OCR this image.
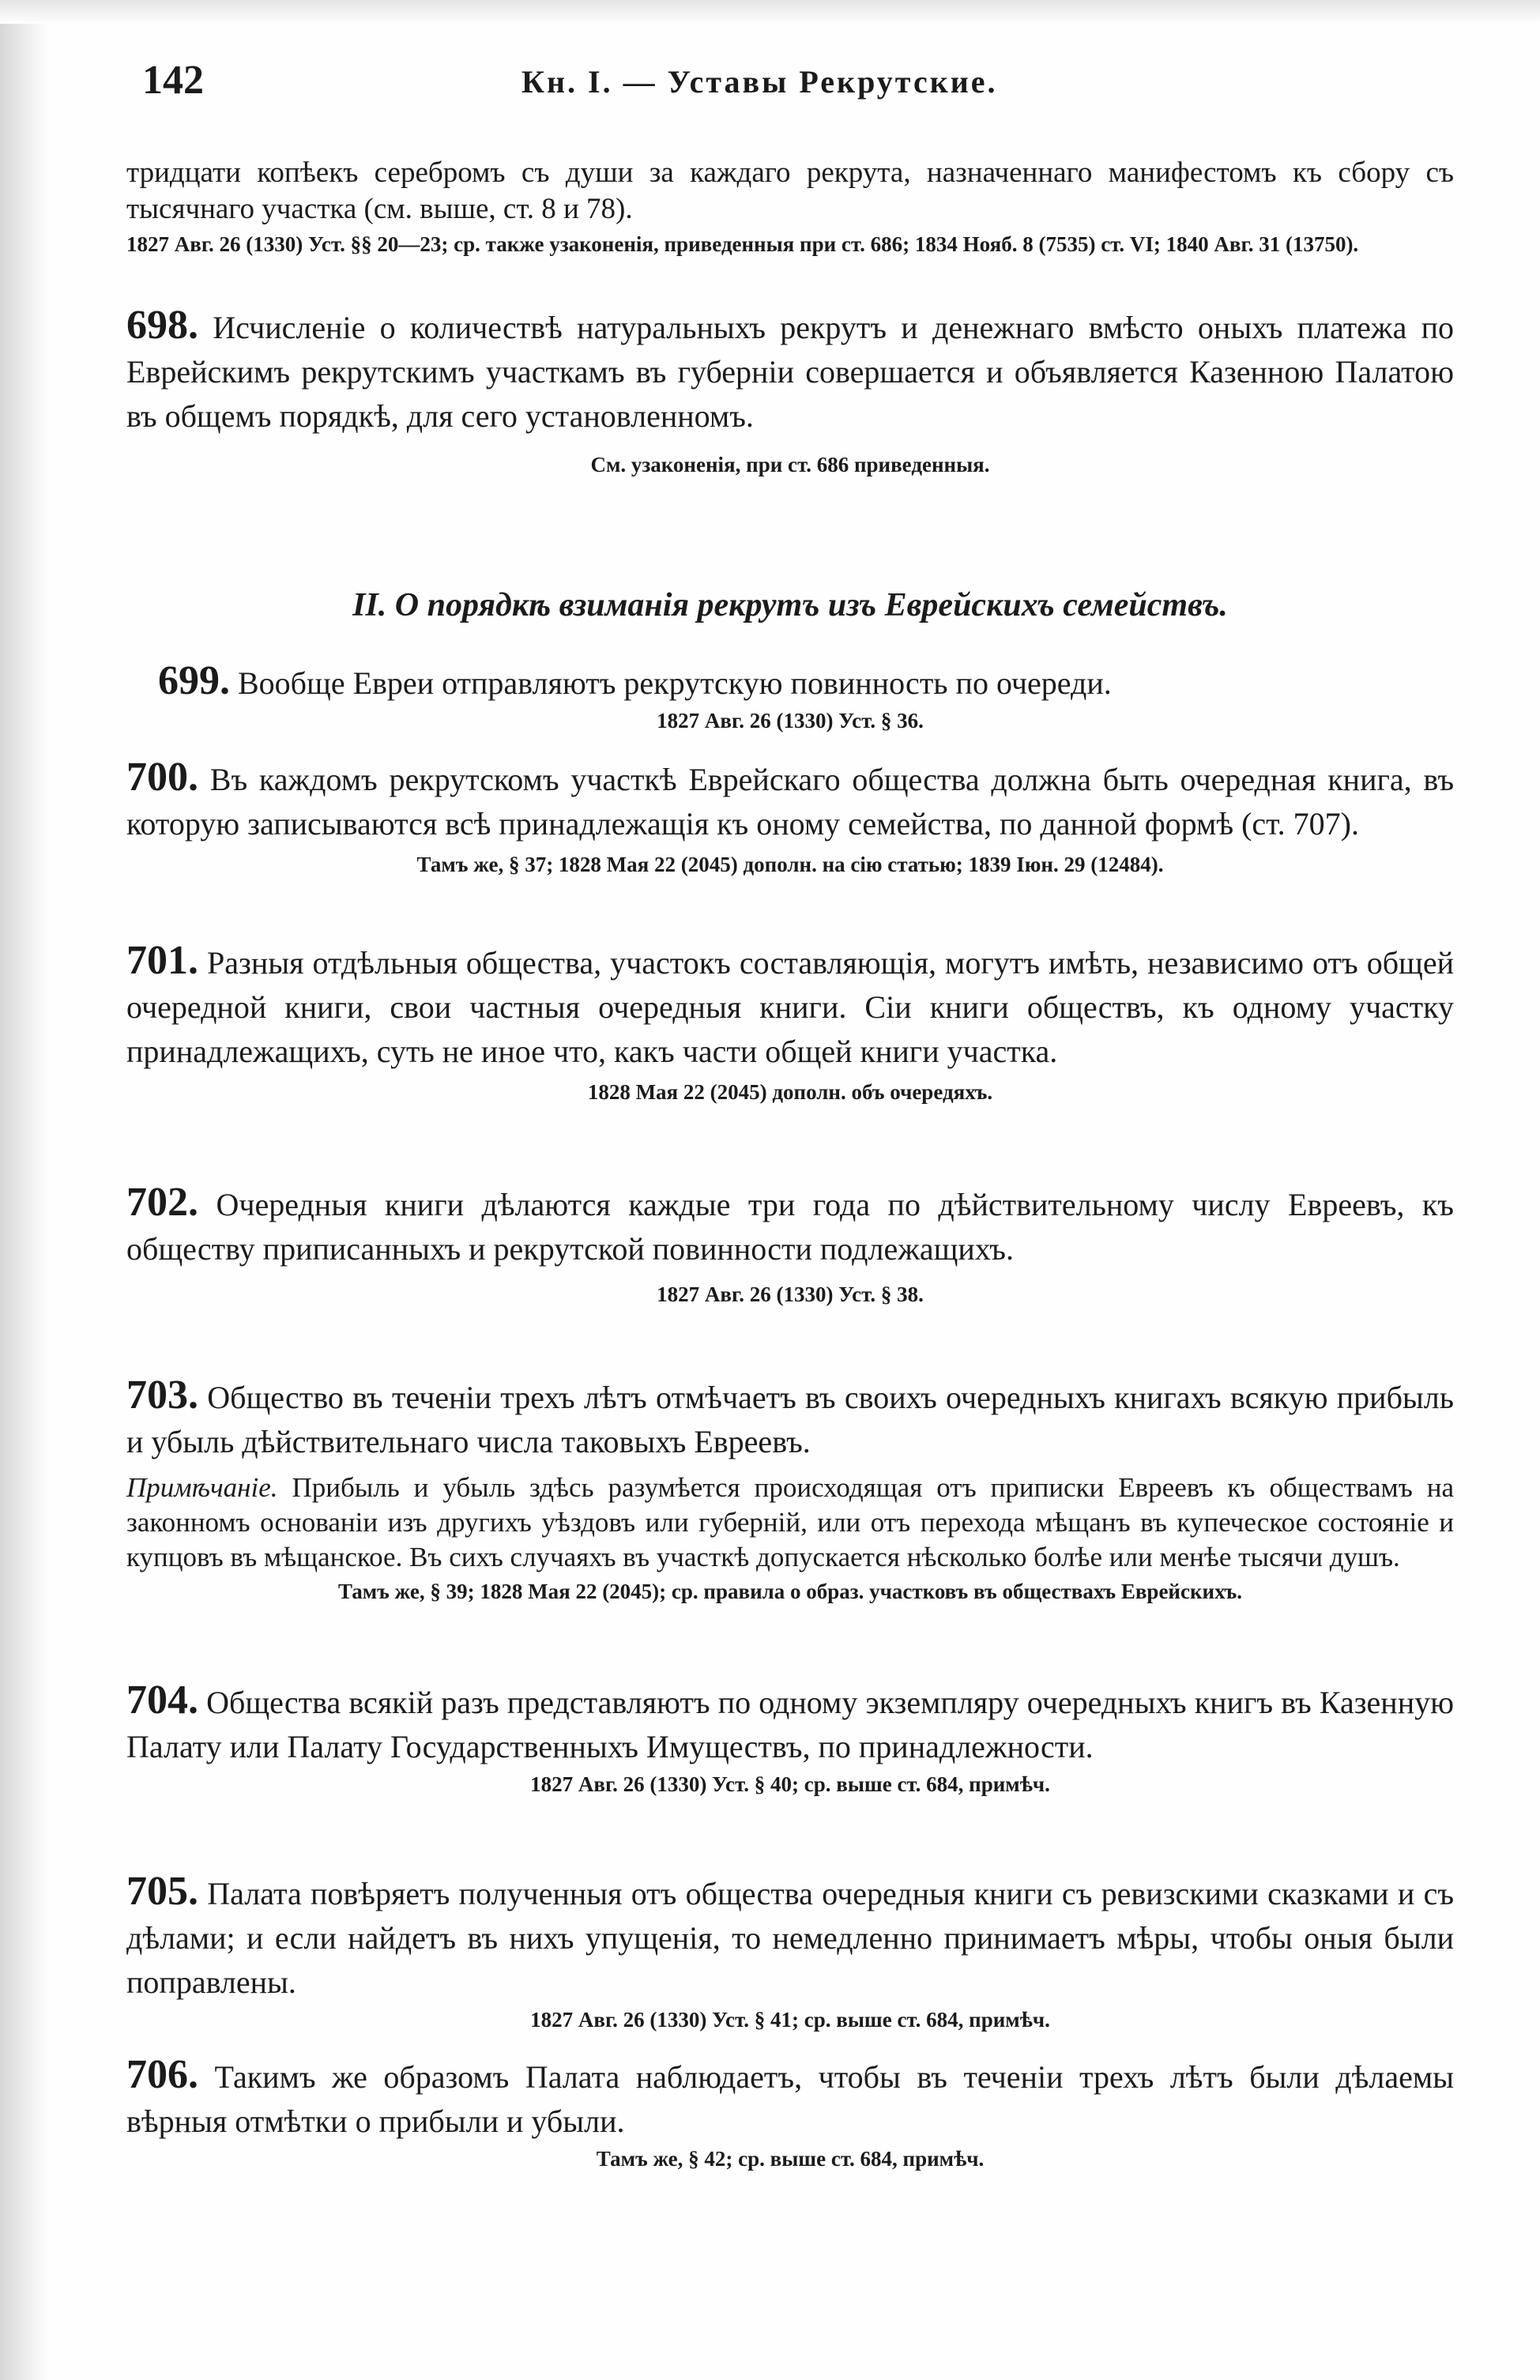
142	Кн. I. — Уставы Рекрутские.
тридцати копѣекъ серебромъ съ души за каждаго рекрута, назначеннаго манифестомъ къ сбору съ тысячнаго участка (см. выше, ст. 8 и 78).
1827 Авг. 26 (1330) Уст. §§ 20—23; ср. также узаконенія, приведенныя при ст. 686; 1834 Нояб. 8 (7535) ст. VI; 1840 Авг. 31 (13750).
698. Исчисленіе о количествѣ натуральныхъ рекрутъ и денежнаго вмѣсто оныхъ платежа по Еврейскимъ рекрутскимъ участкамъ въ губерніи совершается и объявляется Казенною Палатою въ общемъ порядкѣ, для сего установленномъ.
См. узаконенія, при ст. 686 приведенныя.
II. О порядкѣ взиманія рекрутъ изъ Еврейскихъ семействъ.
699. Вообще Евреи отправляютъ рекрутскую повинность по очереди.
1827 Авг. 26 (1330) Уст. § 36.
700. Въ каждомъ рекрутскомъ участкѣ Еврейскаго общества должна быть очередная книга, въ которую записываются всѣ принадлежащія къ оному семейства, по данной формѣ (ст. 707).
Тамъ же, § 37; 1828 Мая 22 (2045) дополн. на сію статью; 1839 Іюн. 29 (12484).
701. Разныя отдѣльныя общества, участокъ составляющія, могутъ имѣть, независимо отъ общей очередной книги, свои частныя очередныя книги. Сіи книги обществъ, къ одному участку принадлежащихъ, суть не иное что, какъ части общей книги участка.
1828 Мая 22 (2045) дополн. объ очередяхъ.
702. Очередныя книги дѣлаются каждые три года по дѣйствительному числу Евреевъ, къ обществу приписанныхъ и рекрутской повинности подлежащихъ.
1827 Авг. 26 (1330) Уст. § 38.
703. Общество въ теченіи трехъ лѣтъ отмѣчаетъ въ своихъ очередныхъ книгахъ всякую прибыль и убыль дѣйствительнаго числа таковыхъ Евреевъ.
Примѣчаніе. Прибыль и убыль здѣсь разумѣется происходящая отъ приписки Евреевъ къ обществамъ на законномъ основаніи изъ другихъ уѣздовъ или губерній, или отъ перехода мѣщанъ въ купеческое состояніе и купцовъ въ мѣщанское. Въ сихъ случаяхъ въ участкѣ допускается нѣсколько болѣе или менѣе тысячи душъ.
Тамъ же, § 39; 1828 Мая 22 (2045); ср. правила о образ. участковъ въ обществахъ Еврейскихъ.
704. Общества всякій разъ представляютъ по одному экземпляру очередныхъ книгъ въ Казенную Палату или Палату Государственныхъ Имуществъ, по принадлежности.
1827 Авг. 26 (1330) Уст. § 40; ср. выше ст. 684, примѣч.
705. Палата повѣряетъ полученныя отъ общества очередныя книги съ ревизскими сказками и съ дѣлами; и если найдетъ въ нихъ упущенія, то немедленно принимаетъ мѣры, чтобы оныя были поправлены.
1827 Авг. 26 (1330) Уст. § 41; ср. выше ст. 684, примѣч.
706. Такимъ же образомъ Палата наблюдаетъ, чтобы въ теченіи трехъ лѣтъ были дѣлаемы вѣрныя отмѣтки о прибыли и убыли.
Тамъ же, § 42; ср. выше ст. 684, примѣч.
